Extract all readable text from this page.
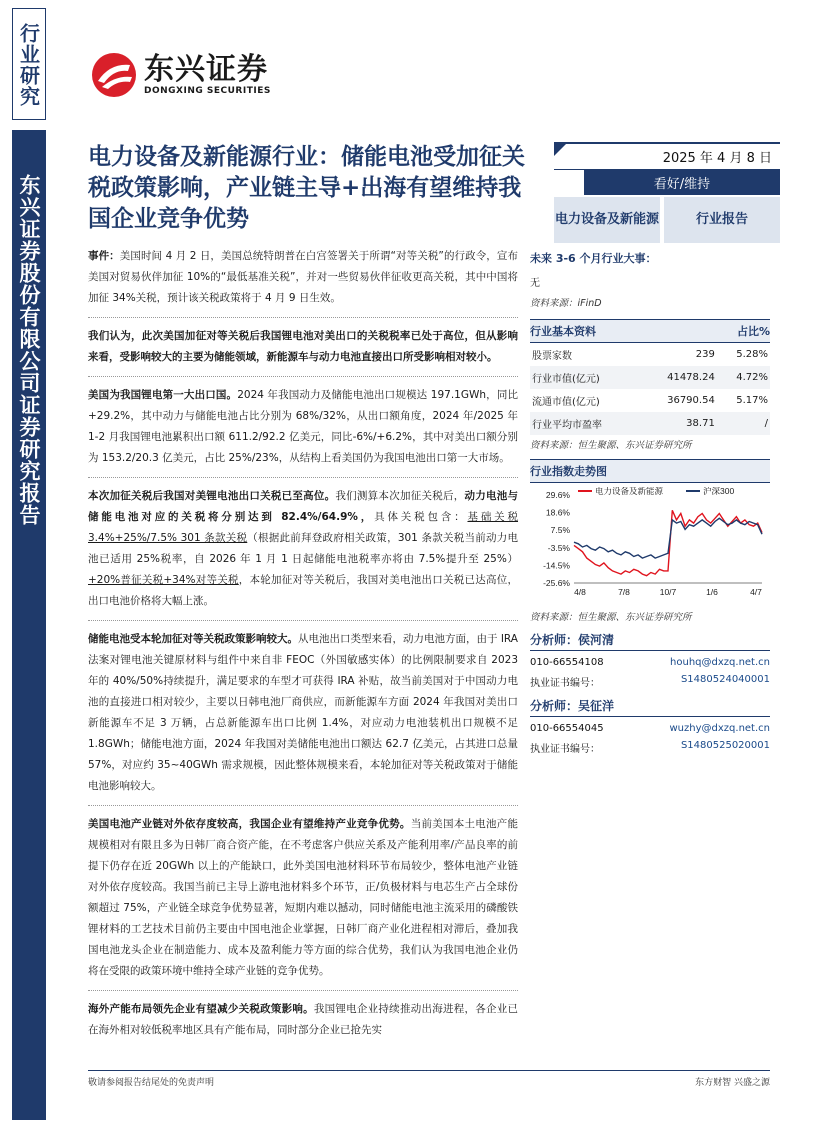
行业研究
东兴证券股份有限公司证券研究报告
东兴证券
DONGXING SECURITIES
电力设备及新能源行业：储能电池受加征关税政策影响，产业链主导+出海有望维持我国企业竞争优势
2025 年 4 月 8 日
看好/维持
电力设备及新能源	行业报告

事件：美国时间 4 月 2 日，美国总统特朗普在白宫签署关于所谓“对等关税”的行政令，宣布美国对贸易伙伴加征 10%的“最低基准关税”，并对一些贸易伙伴征收更高关税，其中中国将加征 34%关税，预计该关税政策将于 4 月 9 日生效。

我们认为，此次美国加征对等关税后我国锂电池对美出口的关税税率已处于高位，但从影响来看，受影响较大的主要为储能领域，新能源车与动力电池直接出口所受影响相对较小。

美国为我国锂电第一大出口国。2024 年我国动力及储能电池出口规模达 197.1GWh，同比+29.2%，其中动力与储能电池占比分别为 68%/32%，从出口额角度，2024 年/2025 年 1-2 月我国锂电池累积出口额 611.2/92.2 亿美元，同比-6%/+6.2%，其中对美出口额分别为 153.2/20.3 亿美元，占比 25%/23%，从结构上看美国仍为我国电池出口第一大市场。

本次加征关税后我国对美锂电池出口关税已至高位。我们测算本次加征关税后，动力电池与储能电池对应的关税将分别达到 82.4%/64.9%，具体关税包含：基础关税 3.4%+25%/7.5% 301 条款关税（根据此前拜登政府相关政策，301 条款关税当前动力电池已适用 25%税率，自 2026 年 1 月 1 日起储能电池税率亦将由 7.5%提升至 25%）+20%普征关税+34%对等关税，本轮加征对等关税后，我国对美电池出口关税已达高位，出口电池价格将大幅上涨。

储能电池受本轮加征对等关税政策影响较大。从电池出口类型来看，动力电池方面，由于 IRA 法案对锂电池关键原材料与组件中来自非 FEOC（外国敏感实体）的比例限制要求自 2023 年的 40%/50%持续提升，满足要求的车型才可获得 IRA 补贴，故当前美国对于中国动力电池的直接进口相对较少，主要以日韩电池厂商供应，而新能源车方面 2024 年我国对美出口新能源车不足 3 万辆，占总新能源车出口比例 1.4%，对应动力电池装机出口规模不足 1.8GWh；储能电池方面，2024 年我国对美储能电池出口额达 62.7 亿美元，占其进口总量 57%，对应约 35~40GWh 需求规模，因此整体规模来看，本轮加征对等关税政策对于储能电池影响较大。

美国电池产业链对外依存度较高，我国企业有望维持产业竞争优势。当前美国本土电池产能规模相对有限且多为日韩厂商合资产能，在不考虑客户供应关系及产能利用率/产品良率的前提下仍存在近 20GWh 以上的产能缺口，此外美国电池材料环节布局较少，整体电池产业链对外依存度较高。我国当前已主导上游电池材料多个环节，正/负极材料与电芯生产占全球份额超过 75%，产业链全球竞争优势显著，短期内难以撼动，同时储能电池主流采用的磷酸铁锂材料的工艺技术目前仍主要由中国电池企业掌握，日韩厂商产业化进程相对滞后，叠加我国电池龙头企业在制造能力、成本及盈利能力等方面的综合优势，我们认为我国电池企业仍将在受限的政策环境中维持全球产业链的竞争优势。

海外产能布局领先企业有望减少关税政策影响。我国锂电企业持续推动出海进程，各企业已在海外相对较低税率地区具有产能布局，同时部分企业已抢先实

未来 3-6 个月行业大事：
无
资料来源：iFinD
行业基本资料	占比%
股票家数	239	5.28%
行业市值(亿元)	41478.24	4.72%
流通市值(亿元)	36790.54	5.17%
行业平均市盈率	38.71	/
资料来源：恒生聚源、东兴证券研究所
行业指数走势图
29.6%
18.6%
7.5%
-3.5%
-14.5%
-25.6%
4/8	7/8	10/7	1/6	4/7
电力设备及新能源	沪深300
资料来源：恒生聚源、东兴证券研究所
分析师：侯河清
010-66554108	houhq@dxzq.net.cn
执业证书编号：	S1480524040001
分析师：吴征洋
010-66554045	wuzhy@dxzq.net.cn
执业证书编号：	S1480525020001
敬请参阅报告结尾处的免责声明	东方财智 兴盛之源
